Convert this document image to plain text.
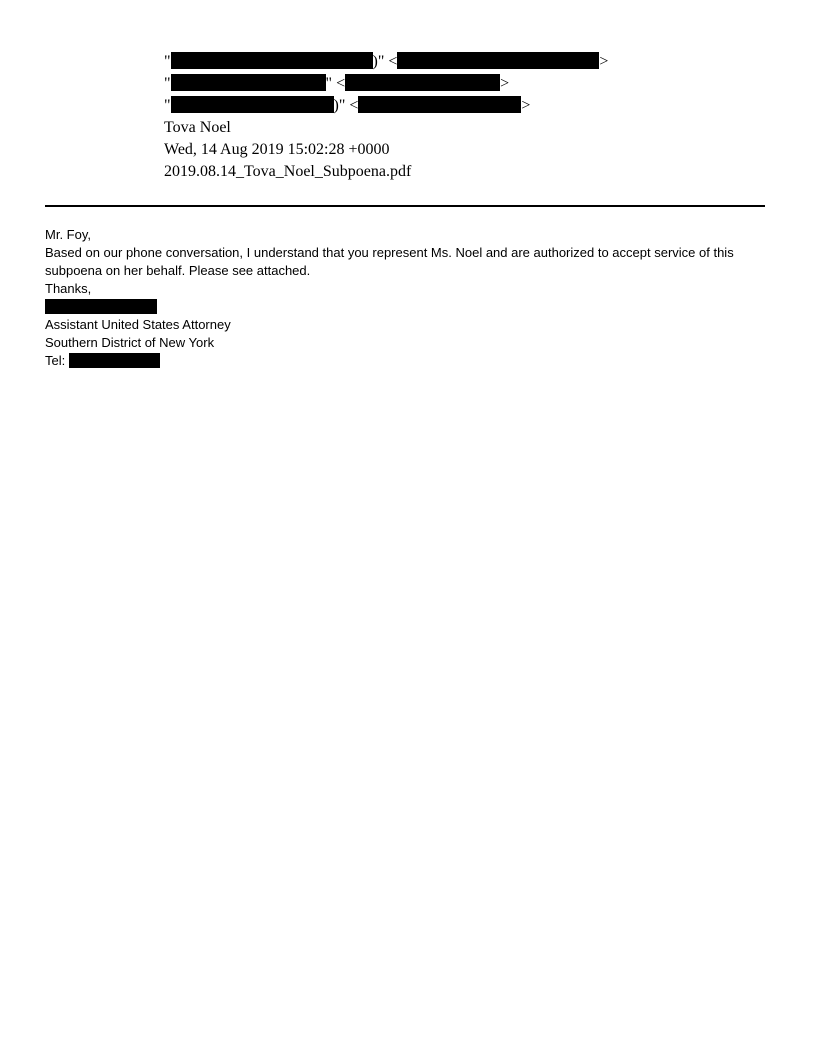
"	)" <	>
"	" <	>
"	)" <	>
Tova Noel
Wed, 14 Aug 2019 15:02:28 +0000
2019.08.14_Tova_Noel_Subpoena.pdf
Mr. Foy,
Based on our phone conversation, I understand that you represent Ms. Noel and are authorized to accept service of this subpoena on her behalf. Please see attached.
Thanks,
Assistant United States Attorney
Southern District of New York
Tel:
